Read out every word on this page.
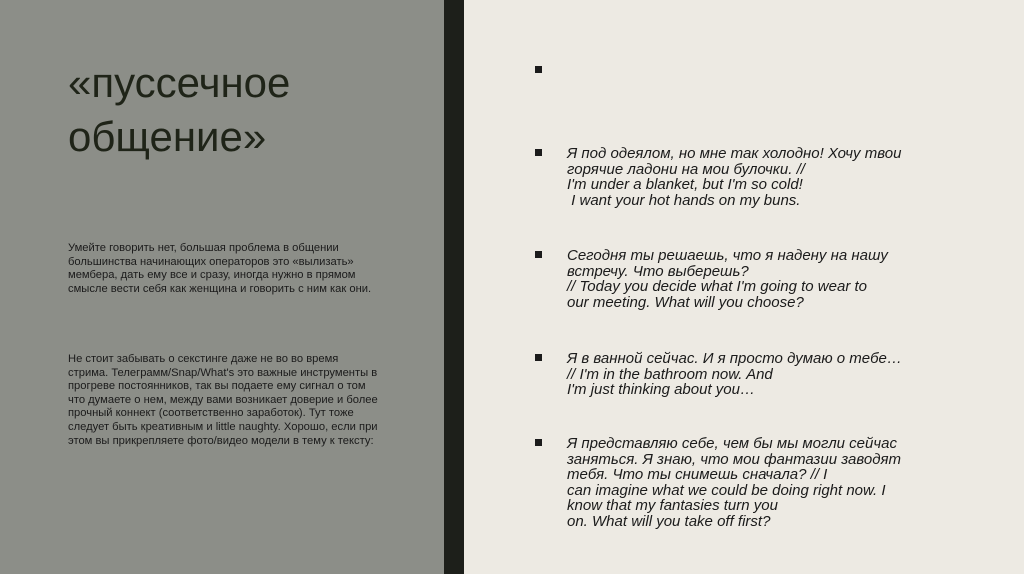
«пуссечное
общение»

Умейте говорить нет, большая проблема в общении большинства начинающих операторов это «вылизать» мембера, дать ему все и сразу, иногда нужно в прямом смысле вести себя как женщина и говорить с ним как они.

Не стоит забывать о секстинге даже не во во время стрима. Телеграмм/Snap/What's это важные инструменты в прогреве постоянников, так вы подаете ему сигнал о том что думаете о нем, между вами возникает доверие и более прочный коннект (соответственно заработок). Тут тоже следует быть креативным и little naughty. Хорошо, если при этом вы прикрепляете фото/видео модели в тему к тексту:

Я под одеялом, но мне так холодно! Хочу твои
горячие ладони на мои булочки. //
I'm under a blanket, but I'm so cold!
I want your hot hands on my buns.
Сегодня ты решаешь, что я надену на нашу
встречу. Что выберешь?
// Today you decide what I'm going to wear to
our meeting. What will you choose?
Я в ванной сейчас. И я просто думаю о тебе…
// I'm in the bathroom now. And
I'm just thinking about you…
Я представляю себе, чем бы мы могли сейчас
заняться. Я знаю, что мои фантазии заводят
тебя. Что ты снимешь сначала? // I
can imagine what we could be doing right now. I
know that my fantasies turn you
on. What will you take off first?
